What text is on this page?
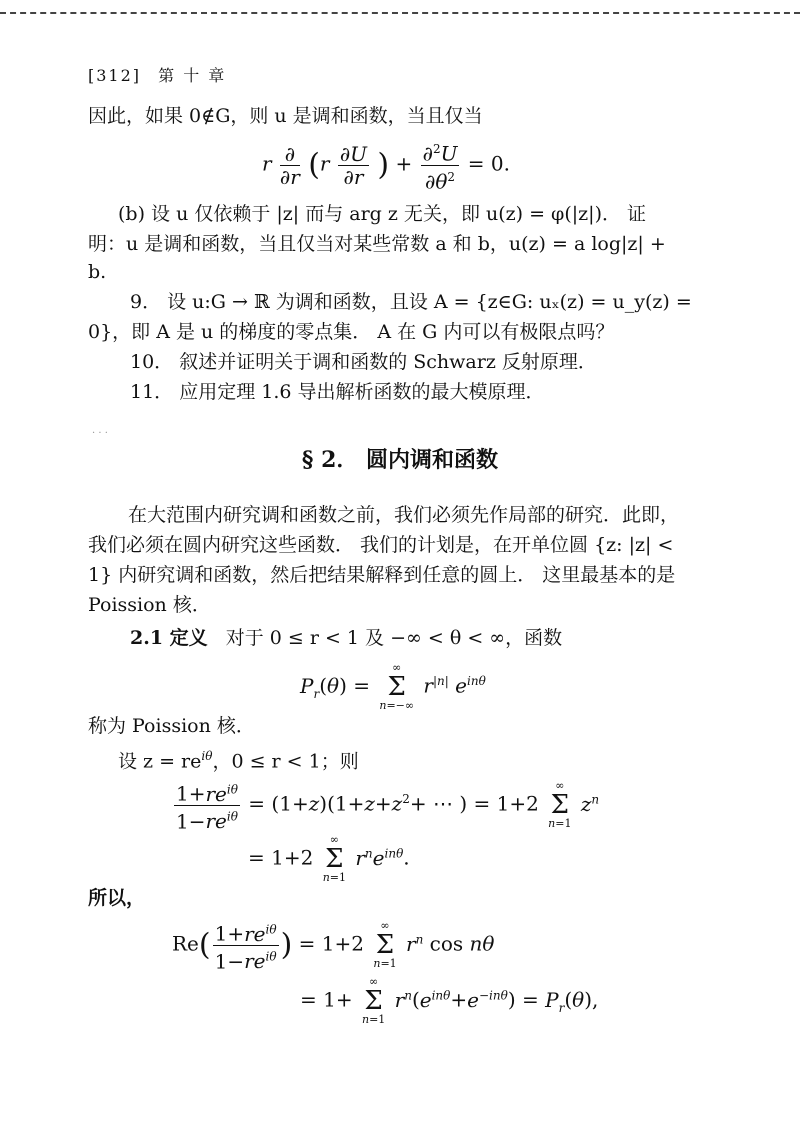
[312] 第 十 章
因此，如果 0∉G，则 u 是调和函数，当且仅当
r $\frac{\partial}{\partial r} (r \frac{\partial U}{\partial r}$ ) + $\frac{\partial^2U}{\partial\theta^2} = 0$.
(b) 设 u 仅依赖于 |z| 而与 arg z 无关，即 u(z) = φ(|z|)． 证
明：u 是调和函数，当且仅当对某些常数 a 和 b，u(z) = a log|z| +
b.
9． 设 u:G → ℝ 为调和函数，且设 A = {z∈G: uₓ(z) = u_y(z) =
0}，即 A 是 u 的梯度的零点集． A 在 G 内可以有极限点吗？
10． 叙述并证明关于调和函数的 Schwarz 反射原理．
11． 应用定理 1.6 导出解析函数的最大模原理．
· · ·
§ 2． 圆内调和函数
在大范围内研究调和函数之前，我们必须先作局部的研究．此即，我们必须在圆内研究这些函数． 我们的计划是，在开单位圆 {z: |z| < 1} 内研究调和函数，然后把结果解释到任意的圆上． 这里最基本的是 Poission 核．
2.1 定义 对于 0 ≤ r < 1 及 −∞ < θ < ∞，函数
$P_r(\theta)$ =
∞
Σ
n=−∞
$r^{|n|}$ $e^{in\theta}$
称为 Poission 核．
设 $z = re^{i\theta}$，0 ≤ r < 1；则
$\frac{1+re^{i\theta}}{1-re^{i\theta}} = (1+z)(1+z+z^2+$ ⋯ ) = 1+2
∞
Σ
n=1
$z^n$
= 1+2
∞
Σ
n=1
$r^ne^{in\theta}$.
所以，
$Re( \frac{1+re^{i\theta}}{1-re^{i\theta}}$ ) = 1+2
∞
Σ
n=1
$r^n$ cos nθ
= 1+
∞
Σ
n=1
$r^n(e^{in\theta}+e^{-in\theta}) = P_r(\theta)$,
